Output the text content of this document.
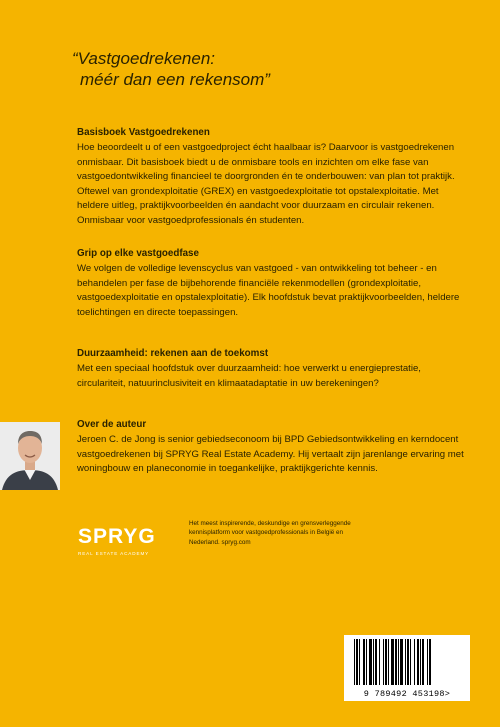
“Vastgoedrekenen:
méér dan een rekensom”
Basisboek Vastgoedrekenen

Hoe beoordeelt u of een vastgoedproject écht haalbaar is? Daarvoor is vastgoedrekenen onmisbaar. Dit basisboek biedt u de onmisbare tools en inzichten om elke fase van vastgoedontwikkeling financieel te doorgronden én te onderbouwen: van plan tot praktijk. Oftewel van grondexploitatie (GREX) en vastgoedexploitatie tot opstalexploitatie. Met heldere uitleg, praktijkvoorbeelden én aandacht voor duurzaam en circulair rekenen. Onmisbaar voor vastgoedprofessionals én studenten.

Grip op elke vastgoedfase

We volgen de volledige levenscyclus van vastgoed - van ontwikkeling tot beheer - en behandelen per fase de bijbehorende financiële rekenmodellen (grondexploitatie, vastgoedexploitatie en opstalexploitatie). Elk hoofdstuk bevat praktijkvoorbeelden, heldere toelichtingen en directe toepassingen.

Duurzaamheid: rekenen aan de toekomst

Met een speciaal hoofdstuk over duurzaamheid: hoe verwerkt u energieprestatie, circulariteit, natuurinclusiviteit en klimaatadaptatie in uw berekeningen?

Over de auteur

Jeroen C. de Jong is senior gebiedseconoom bij BPD Gebiedsontwikkeling en kerndocent vastgoedrekenen bij SPRYG Real Estate Academy. Hij vertaalt zijn jarenlange ervaring met woningbouw en planeconomie in toegankelijke, praktijkgerichte kennis.

SPRYG
REAL ESTATE ACADEMY
Het meest inspirerende, deskundige en grensverleggende kennisplatform voor vastgoedprofessionals in België en Nederland. spryg.com
9 789492 453198>
